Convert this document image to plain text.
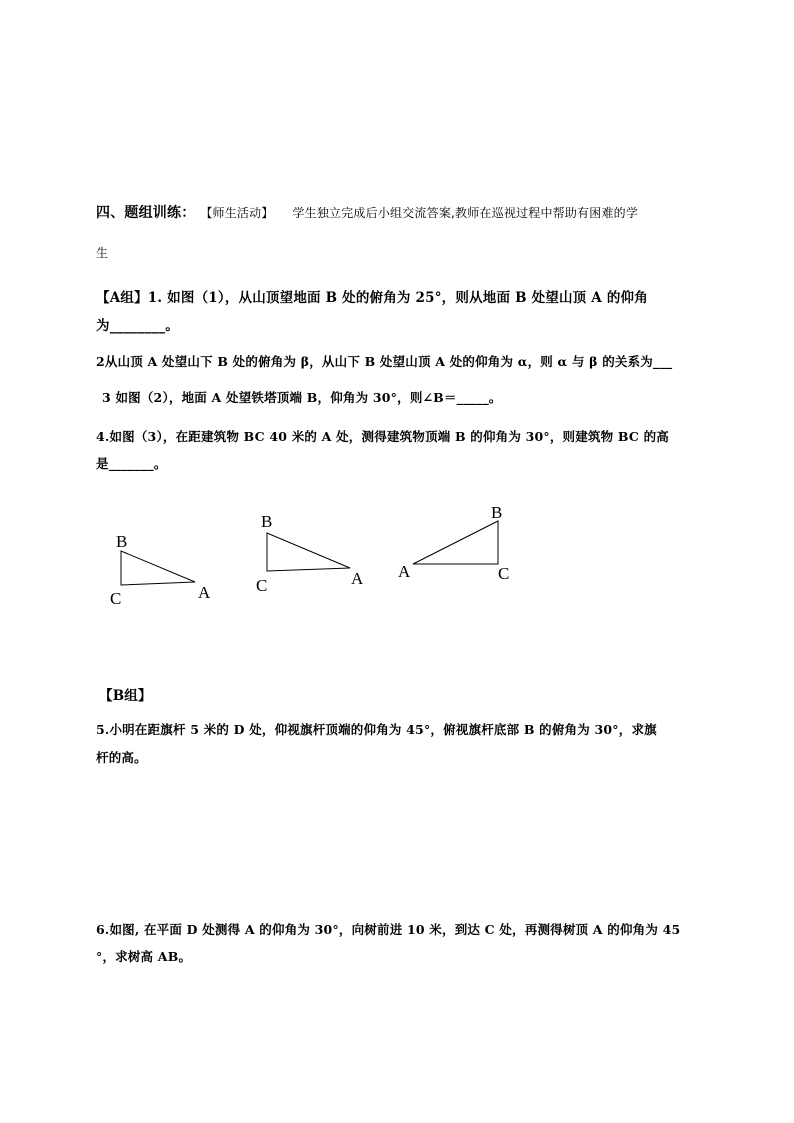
四、题组训练： 【师生活动】 学生独立完成后小组交流答案,教师在巡视过程中帮助有困难的学
生
【A组】1. 如图（1），从山顶望地面 B 处的俯角为 25°，则从地面 B 处望山顶 A 的仰角
为________。
2从山顶 A 处望山下 B 处的俯角为 β，从山下 B 处望山顶 A 处的仰角为 α，则 α 与 β 的关系为___
3 如图（2），地面 A 处望铁塔顶端 B，仰角为 30°，则∠B＝_____。
4.如图（3），在距建筑物 BC 40 米的 A 处，测得建筑物顶端 B 的仰角为 30°，则建筑物 BC 的高
是_______。
B
C	A
B
C	A A
B
C
【B组】
5.小明在距旗杆 5 米的 D 处，仰视旗杆顶端的仰角为 45°，俯视旗杆底部 B 的俯角为 30°，求旗
杆的高。
6.如图, 在平面 D 处测得 A 的仰角为 30°，向树前进 10 米，到达 C 处，再测得树顶 A 的仰角为 45
°，求树高 AB。
